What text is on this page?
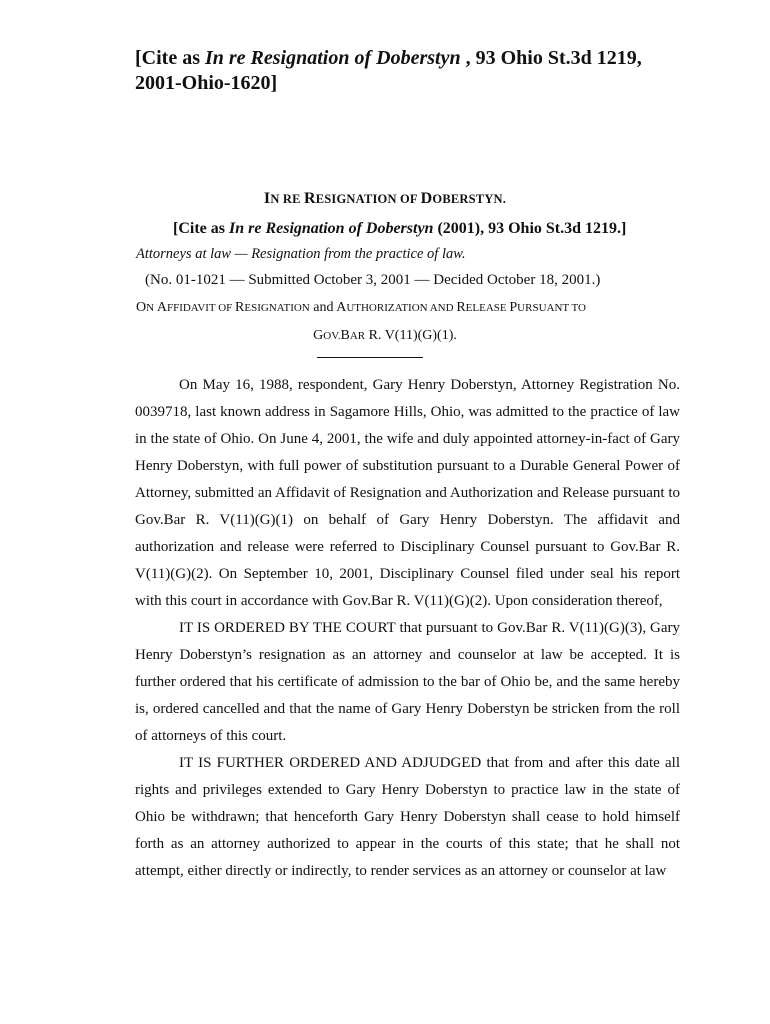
[Cite as In re Resignation of Doberstyn , 93 Ohio St.3d 1219, 2001-Ohio-1620]
IN RE RESIGNATION OF DOBERSTYN.
[Cite as In re Resignation of Doberstyn (2001), 93 Ohio St.3d 1219.]
Attorneys at law — Resignation from the practice of law.
(No. 01-1021 — Submitted October 3, 2001 — Decided October 18, 2001.)
ON AFFIDAVIT OF RESIGNATION and AUTHORIZATION AND RELEASE PURSUANT TO
GOV.BAR R. V(11)(G)(1).

On May 16, 1988, respondent, Gary Henry Doberstyn, Attorney Registration No. 0039718, last known address in Sagamore Hills, Ohio, was admitted to the practice of law in the state of Ohio. On June 4, 2001, the wife and duly appointed attorney-in-fact of Gary Henry Doberstyn, with full power of substitution pursuant to a Durable General Power of Attorney, submitted an Affidavit of Resignation and Authorization and Release pursuant to Gov.Bar R. V(11)(G)(1) on behalf of Gary Henry Doberstyn. The affidavit and authorization and release were referred to Disciplinary Counsel pursuant to Gov.Bar R. V(11)(G)(2). On September 10, 2001, Disciplinary Counsel filed under seal his report with this court in accordance with Gov.Bar R. V(11)(G)(2). Upon consideration thereof,

IT IS ORDERED BY THE COURT that pursuant to Gov.Bar R. V(11)(G)(3), Gary Henry Doberstyn’s resignation as an attorney and counselor at law be accepted. It is further ordered that his certificate of admission to the bar of Ohio be, and the same hereby is, ordered cancelled and that the name of Gary Henry Doberstyn be stricken from the roll of attorneys of this court.

IT IS FURTHER ORDERED AND ADJUDGED that from and after this date all rights and privileges extended to Gary Henry Doberstyn to practice law in the state of Ohio be withdrawn; that henceforth Gary Henry Doberstyn shall cease to hold himself forth as an attorney authorized to appear in the courts of this state; that he shall not attempt, either directly or indirectly, to render services as an attorney or counselor at law
